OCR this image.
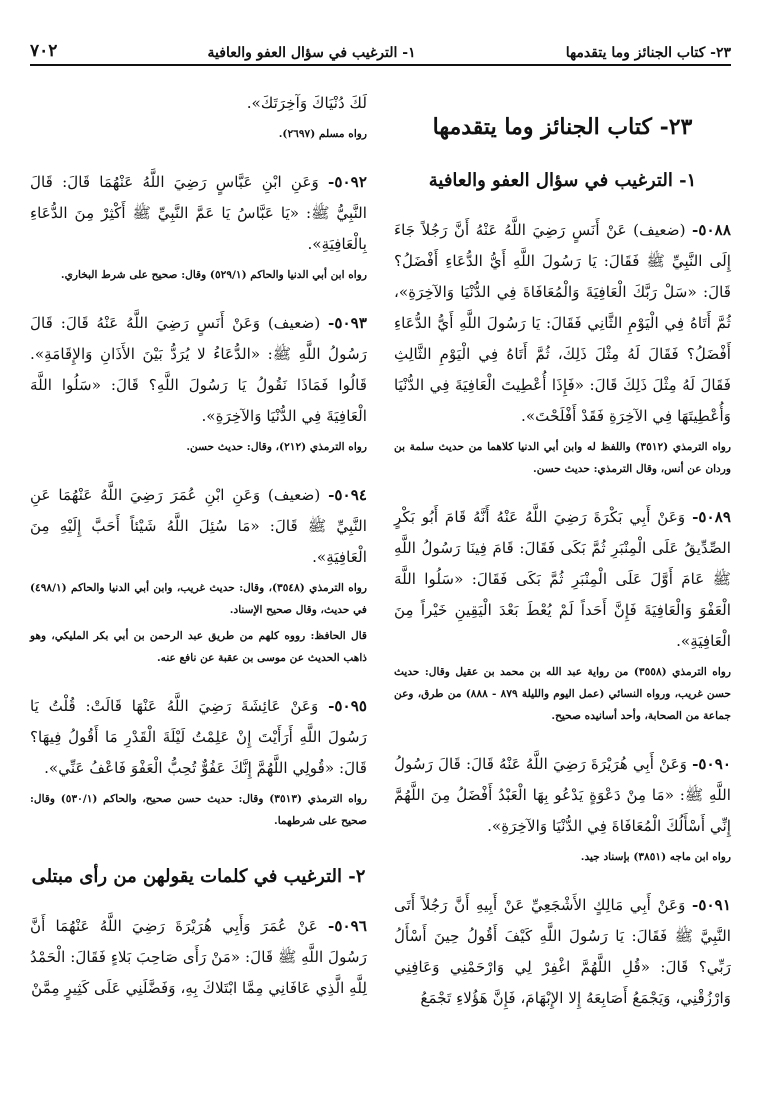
٢٣- كتاب الجنائز وما يتقدمها
١- الترغيب في سؤال العفو والعافية
٧٠٢
٢٣- كتاب الجنائز وما يتقدمها
١- الترغيب في سؤال العفو والعافية

٥٠٨٨- (ضعيف) عَنْ أَنَسٍ رَضِيَ اللَّهُ عَنْهُ أَنَّ رَجُلاً جَاءَ إِلَى النَّبِيِّ ﷺ فَقَالَ: يَا رَسُولَ اللَّهِ أَيُّ الدُّعَاءِ أَفْضَلُ؟ قَالَ: «سَلْ رَبَّكَ الْعَافِيَةَ وَالْمُعَافَاةَ فِي الدُّنْيَا وَالآخِرَةِ»، ثُمَّ أَتَاهُ فِي الْيَوْمِ الثَّانِي فَقَالَ: يَا رَسُولَ اللَّهِ أَيُّ الدُّعَاءِ أَفْضَلُ؟ فَقَالَ لَهُ مِثْلَ ذَلِكَ، ثُمَّ أَتَاهُ فِي الْيَوْمِ الثَّالِثِ فَقَالَ لَهُ مِثْلَ ذَلِكَ قَالَ: «فَإِذَا أُعْطِيتَ الْعَافِيَةَ فِي الدُّنْيَا وَأُعْطِيتَهَا فِي الآخِرَةِ فَقَدْ أَفْلَحْتَ».

رواه الترمذي (٣٥١٢) واللفظ له وابن أبي الدنيا كلاهما من حديث سلمة بن وردان عن أنس، وقال الترمذي: حديث حسن.

٥٠٨٩- وَعَنْ أَبِي بَكْرَةَ رَضِيَ اللَّهُ عَنْهُ أَنَّهُ قَامَ أَبُو بَكْرٍ الصِّدِّيقُ عَلَى الْمِنْبَرِ ثُمَّ بَكَى فَقَالَ: قَامَ فِينَا رَسُولُ اللَّهِ ﷺ عَامَ أَوَّلَ عَلَى الْمِنْبَرِ ثُمَّ بَكَى فَقَالَ: «سَلُوا اللَّهَ الْعَفْوَ وَالْعَافِيَةَ فَإِنَّ أَحَداً لَمْ يُعْطَ بَعْدَ الْيَقِينِ خَيْراً مِنَ الْعَافِيَةِ».

رواه الترمذي (٣٥٥٨) من رواية عبد الله بن محمد بن عقيل وقال: حديث حسن غريب، ورواه النسائي (عمل اليوم والليلة ٨٧٩ - ٨٨٨) من طرق، وعن جماعة من الصحابة، وأحد أسانيده صحيح.

٥٠٩٠- وَعَنْ أَبِي هُرَيْرَةَ رَضِيَ اللَّهُ عَنْهُ قَالَ: قَالَ رَسُولُ اللَّهِ ﷺ: «مَا مِنْ دَعْوَةٍ يَدْعُو بِهَا الْعَبْدُ أَفْضَلُ مِنَ اللَّهُمَّ إِنِّي أَسْأَلُكَ الْمُعَافَاةَ فِي الدُّنْيَا وَالآخِرَةِ».

رواه ابن ماجه (٣٨٥١) بإسناد جيد.

٥٠٩١- وَعَنْ أَبِي مَالِكٍ الأَشْجَعِيِّ عَنْ أَبِيهِ أَنَّ رَجُلاً أَتَى النَّبِيَّ ﷺ فَقَالَ: يَا رَسُولَ اللَّهِ كَيْفَ أَقُولُ حِينَ أَسْأَلُ رَبِّي؟ قَالَ: «قُلِ اللَّهُمَّ اغْفِرْ لِي وَارْحَمْنِي وَعَافِنِي وَارْزُقْنِي، وَيَجْمَعُ أَصَابِعَهُ إِلا الإِبْهَامَ، فَإِنَّ هَؤُلاءِ تَجْمَعُ

لَكَ دُنْيَاكَ وَآخِرَتَكَ».

رواه مسلم (٢٦٩٧).

٥٠٩٢- وَعَنِ ابْنِ عَبَّاسٍ رَضِيَ اللَّهُ عَنْهُمَا قَالَ: قَالَ النَّبِيُّ ﷺ: «يَا عَبَّاسُ يَا عَمَّ النَّبِيِّ ﷺ أَكْثِرْ مِنَ الدُّعَاءِ بِالْعَافِيَةِ».

رواه ابن أبي الدنيا والحاكم (٥٢٩/١) وقال: صحيح على شرط البخاري.

٥٠٩٣- (ضعيف) وَعَنْ أَنَسٍ رَضِيَ اللَّهُ عَنْهُ قَالَ: قَالَ رَسُولُ اللَّهِ ﷺ: «الدُّعَاءُ لا يُرَدُّ بَيْنَ الأَذَانِ وَالإِقَامَةِ». قَالُوا فَمَاذَا نَقُولُ يَا رَسُولَ اللَّهِ؟ قَالَ: «سَلُوا اللَّهَ الْعَافِيَةَ فِي الدُّنْيَا وَالآخِرَةِ».

رواه الترمذي (٢١٢)، وقال: حديث حسن.

٥٠٩٤- (ضعيف) وَعَنِ ابْنِ عُمَرَ رَضِيَ اللَّهُ عَنْهُمَا عَنِ النَّبِيِّ ﷺ قَالَ: «مَا سُئِلَ اللَّهُ شَيْئاً أَحَبَّ إِلَيْهِ مِنَ الْعَافِيَةِ».

رواه الترمذي (٣٥٤٨)، وقال: حديث غريب، وابن أبي الدنيا والحاكم (٤٩٨/١) في حديث، وقال صحيح الإسناد.

قال الحافظ: رووه كلهم من طريق عبد الرحمن بن أبي بكر المليكي، وهو ذاهب الحديث عن موسى بن عقبة عن نافع عنه.

٥٠٩٥- وَعَنْ عَائِشَةَ رَضِيَ اللَّهُ عَنْهَا قَالَتْ: قُلْتُ يَا رَسُولَ اللَّهِ أَرَأَيْتَ إِنْ عَلِمْتُ لَيْلَةَ الْقَدْرِ مَا أَقُولُ فِيهَا؟ قَالَ: «قُولِي اللَّهُمَّ إِنَّكَ عَفُوٌّ تُحِبُّ الْعَفْوَ فَاعْفُ عَنِّي».

رواه الترمذي (٣٥١٣) وقال: حديث حسن صحيح، والحاكم (٥٣٠/١) وقال: صحيح على شرطهما.

٢- الترغيب في كلمات يقولهن من رأى مبتلى

٥٠٩٦- عَنْ عُمَرَ وَأَبِي هُرَيْرَةَ رَضِيَ اللَّهُ عَنْهُمَا أَنَّ رَسُولَ اللَّهِ ﷺ قَالَ: «مَنْ رَأَى صَاحِبَ بَلاءٍ فَقَالَ: الْحَمْدُ لِلَّهِ الَّذِي عَافَانِي مِمَّا ابْتَلاكَ بِهِ، وَفَضَّلَنِي عَلَى كَثِيرٍ مِمَّنْ
